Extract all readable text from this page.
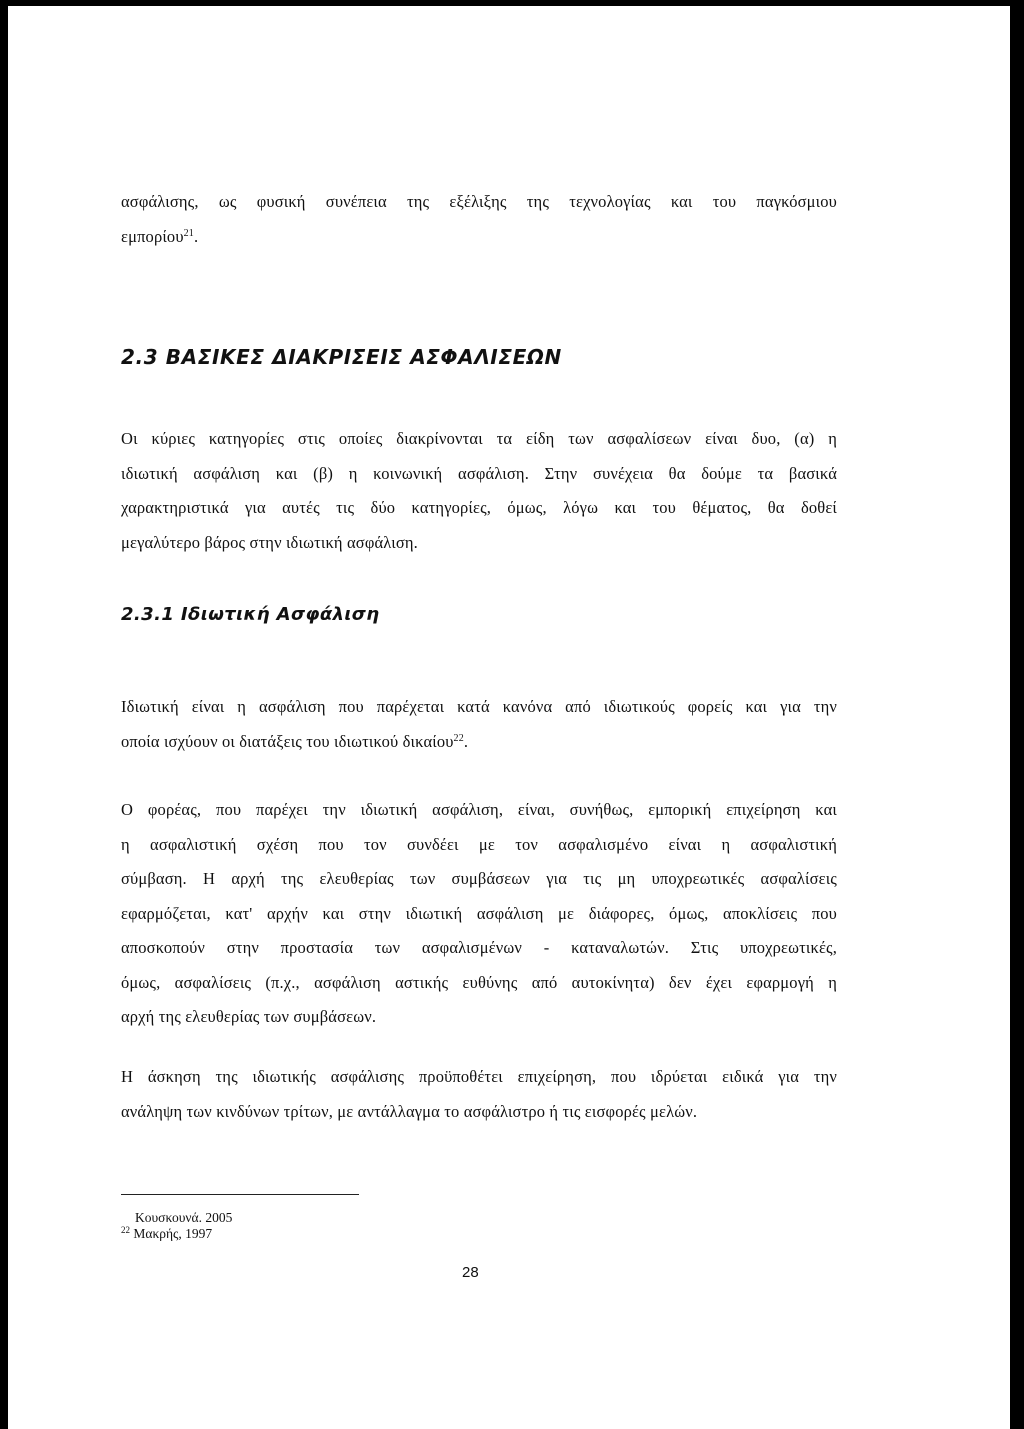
ασφάλισης, ως φυσική συνέπεια της εξέλιξης της τεχνολογίας και του παγκόσμιου
εμπορίου$^{21}$.
2.3 ΒΑΣΙΚΕΣ ΔΙΑΚΡΙΣΕΙΣ ΑΣΦΑΛΙΣΕΩΝ
Οι κύριες κατηγορίες στις οποίες διακρίνονται τα είδη των ασφαλίσεων είναι δυο, (α) η
ιδιωτική ασφάλιση και (β) η κοινωνική ασφάλιση. Στην συνέχεια θα δούμε τα βασικά
χαρακτηριστικά για αυτές τις δύο κατηγορίες, όμως, λόγω και του θέματος, θα δοθεί
μεγαλύτερο βάρος στην ιδιωτική ασφάλιση.
2.3.1 Ιδιωτική Ασφάλιση
Ιδιωτική είναι η ασφάλιση που παρέχεται κατά κανόνα από ιδιωτικούς φορείς και για την
οποία ισχύουν οι διατάξεις του ιδιωτικού δικαίου$^{22}$.
Ο φορέας, που παρέχει την ιδιωτική ασφάλιση, είναι, συνήθως, εμπορική επιχείρηση και
η ασφαλιστική σχέση που τον συνδέει με τον ασφαλισμένο είναι η ασφαλιστική
σύμβαση. Η αρχή της ελευθερίας των συμβάσεων για τις μη υποχρεωτικές ασφαλίσεις
εφαρμόζεται, κατ' αρχήν και στην ιδιωτική ασφάλιση με διάφορες, όμως, αποκλίσεις που
αποσκοπούν στην προστασία των ασφαλισμένων - καταναλωτών. Στις υποχρεωτικές,
όμως, ασφαλίσεις (π.χ., ασφάλιση αστικής ευθύνης από αυτοκίνητα) δεν έχει εφαρμογή η
αρχή της ελευθερίας των συμβάσεων.
Η άσκηση της ιδιωτικής ασφάλισης προϋποθέτει επιχείρηση, που ιδρύεται ειδικά για την
ανάληψη των κινδύνων τρίτων, με αντάλλαγμα το ασφάλιστρο ή τις εισφορές μελών.
Κουσκουνά. 2005
$^{22}$ Μακρής, 1997
28
